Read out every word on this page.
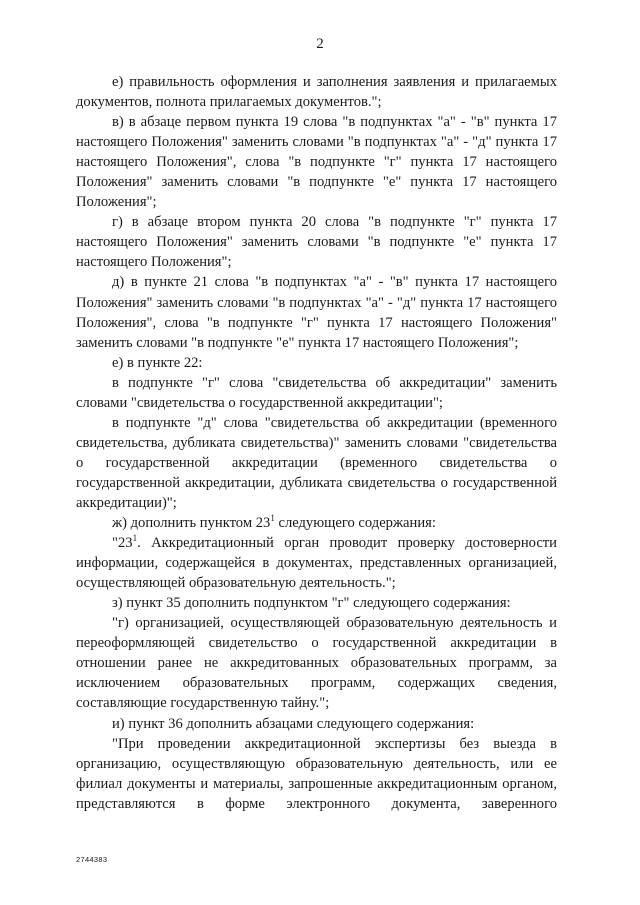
2

е) правильность оформления и заполнения заявления и прилагаемых документов, полнота прилагаемых документов.";

в) в абзаце первом пункта 19 слова "в подпунктах "а" - "в" пункта 17 настоящего Положения" заменить словами "в подпунктах "а" - "д" пункта 17 настоящего Положения", слова "в подпункте "г" пункта 17 настоящего Положения" заменить словами "в подпункте "е" пункта 17 настоящего Положения";

г) в абзаце втором пункта 20 слова "в подпункте "г" пункта 17 настоящего Положения" заменить словами "в подпункте "е" пункта 17 настоящего Положения";

д) в пункте 21 слова "в подпунктах "а" - "в" пункта 17 настоящего Положения" заменить словами "в подпунктах "а" - "д" пункта 17 настоящего Положения", слова "в подпункте "г" пункта 17 настоящего Положения" заменить словами "в подпункте "е" пункта 17 настоящего Положения";

е) в пункте 22:

в подпункте "г" слова "свидетельства об аккредитации" заменить словами "свидетельства о государственной аккредитации";

в подпункте "д" слова "свидетельства об аккредитации (временного свидетельства, дубликата свидетельства)" заменить словами "свидетельства о государственной аккредитации (временного свидетельства о государственной аккредитации, дубликата свидетельства о государственной аккредитации)";

ж) дополнить пунктом $23^1$ следующего содержания:

"$23^1$. Аккредитационный орган проводит проверку достоверности информации, содержащейся в документах, представленных организацией, осуществляющей образовательную деятельность.";

з) пункт 35 дополнить подпунктом "г" следующего содержания:

"г) организацией, осуществляющей образовательную деятельность и переоформляющей свидетельство о государственной аккредитации в отношении ранее не аккредитованных образовательных программ, за исключением образовательных программ, содержащих сведения, составляющие государственную тайну.";

и) пункт 36 дополнить абзацами следующего содержания:

"При проведении аккредитационной экспертизы без выезда в организацию, осуществляющую образовательную деятельность, или ее филиал документы и материалы, запрошенные аккредитационным органом, представляются в форме электронного документа, заверенного

2744383
